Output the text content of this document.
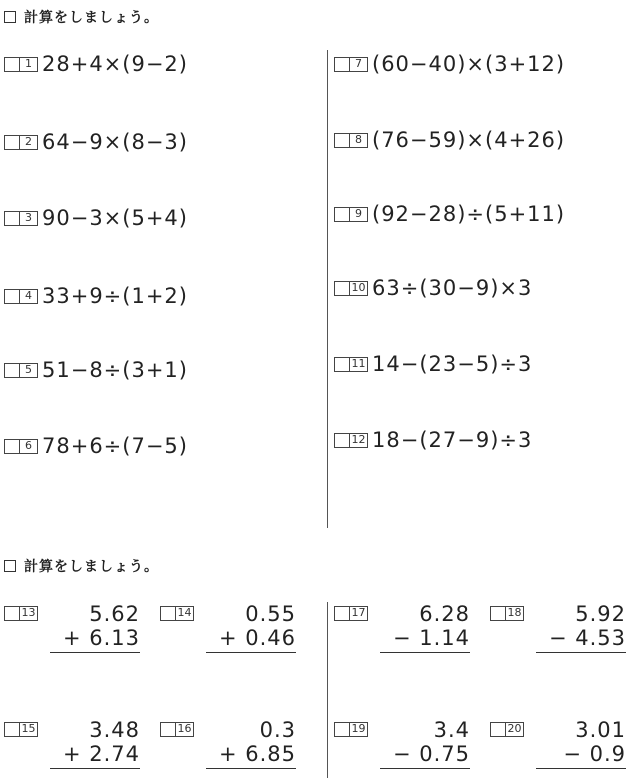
計算をしましょう。
1 28+4×(9−2)
2 64−9×(8−3)
3 90−3×(5+4)
4 33+9÷(1+2)
5 51−8÷(3+1)
6 78+6÷(7−5)
7 (60−40)×(3+12)
8 (76−59)×(4+26)
9 (92−28)÷(5+11)
10 63÷(30−9)×3
11 14−(23−5)÷3
12 18−(27−9)÷3
計算をしましょう。
13	5.62
+ 6.13
14	0.55
+ 0.46
17	6.28
− 1.14
18	5.92
− 4.53
15	3.48
+ 2.74
16	0.3
+ 6.85
19	3.4
− 0.75
20	3.01
− 0.9
